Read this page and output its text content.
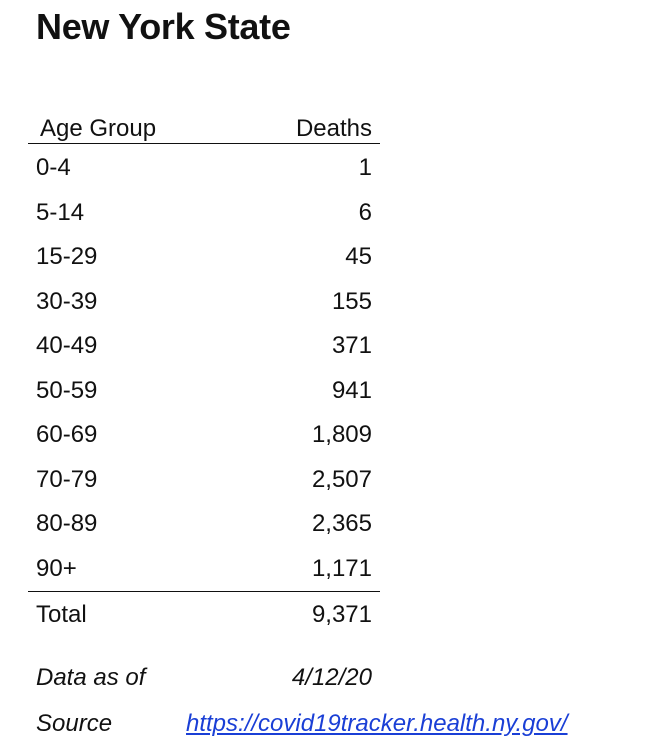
New York State
Age Group	Deaths
0-4	1
5-14	6
15-29	45
30-39	155
40-49	371
50-59	941
60-69	1,809
70-79	2,507
80-89	2,365
90+	1,171
Total	9,371
Data as of	4/12/20
Source	https://covid19tracker.health.ny.gov/
